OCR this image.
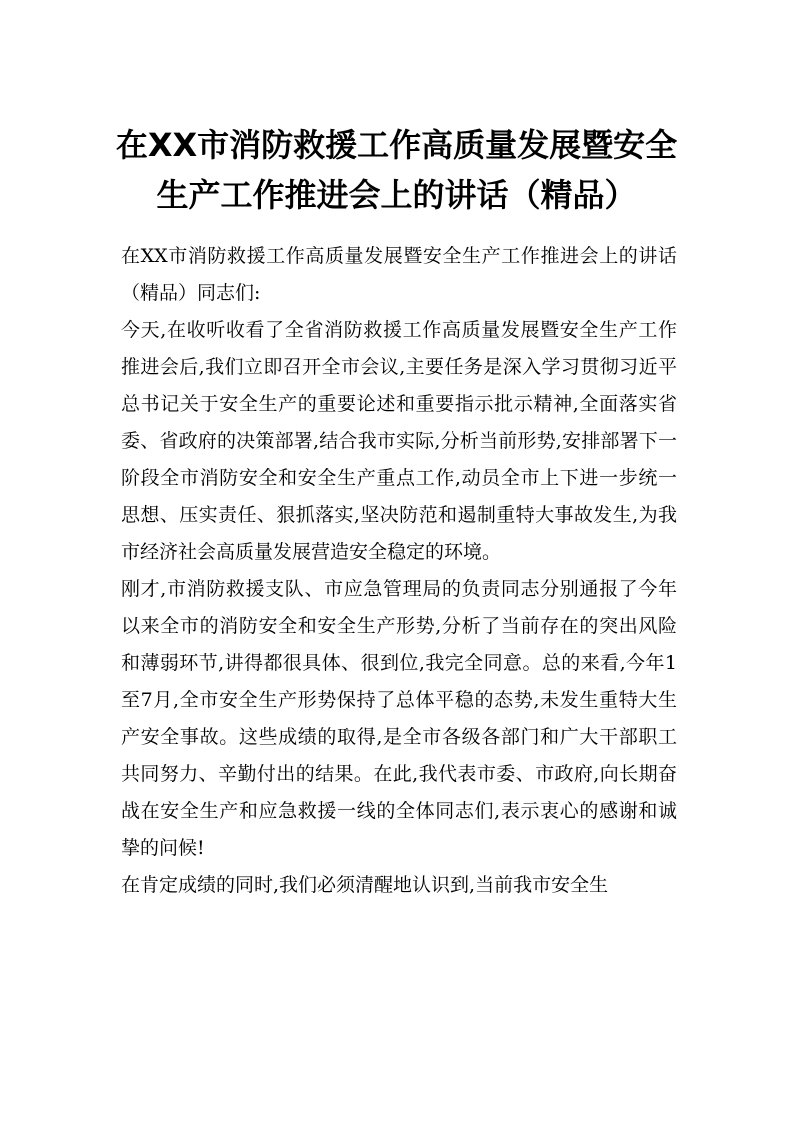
在XX市消防救援工作高质量发展暨安全生产工作推进会上的讲话（精品）

在XX市消防救援工作高质量发展暨安全生产工作推进会上的讲话（精品）同志们:

今天,在收听收看了全省消防救援工作高质量发展暨安全生产工作推进会后,我们立即召开全市会议,主要任务是深入学习贯彻习近平总书记关于安全生产的重要论述和重要指示批示精神,全面落实省委、省政府的决策部署,结合我市实际,分析当前形势,安排部署下一阶段全市消防安全和安全生产重点工作,动员全市上下进一步统一思想、压实责任、狠抓落实,坚决防范和遏制重特大事故发生,为我市经济社会高质量发展营造安全稳定的环境。

刚才,市消防救援支队、市应急管理局的负责同志分别通报了今年以来全市的消防安全和安全生产形势,分析了当前存在的突出风险和薄弱环节,讲得都很具体、很到位,我完全同意。总的来看,今年1至7月,全市安全生产形势保持了总体平稳的态势,未发生重特大生产安全事故。这些成绩的取得,是全市各级各部门和广大干部职工共同努力、辛勤付出的结果。在此,我代表市委、市政府,向长期奋战在安全生产和应急救援一线的全体同志们,表示衷心的感谢和诚挚的问候!

在肯定成绩的同时,我们必须清醒地认识到,当前我市安全生
